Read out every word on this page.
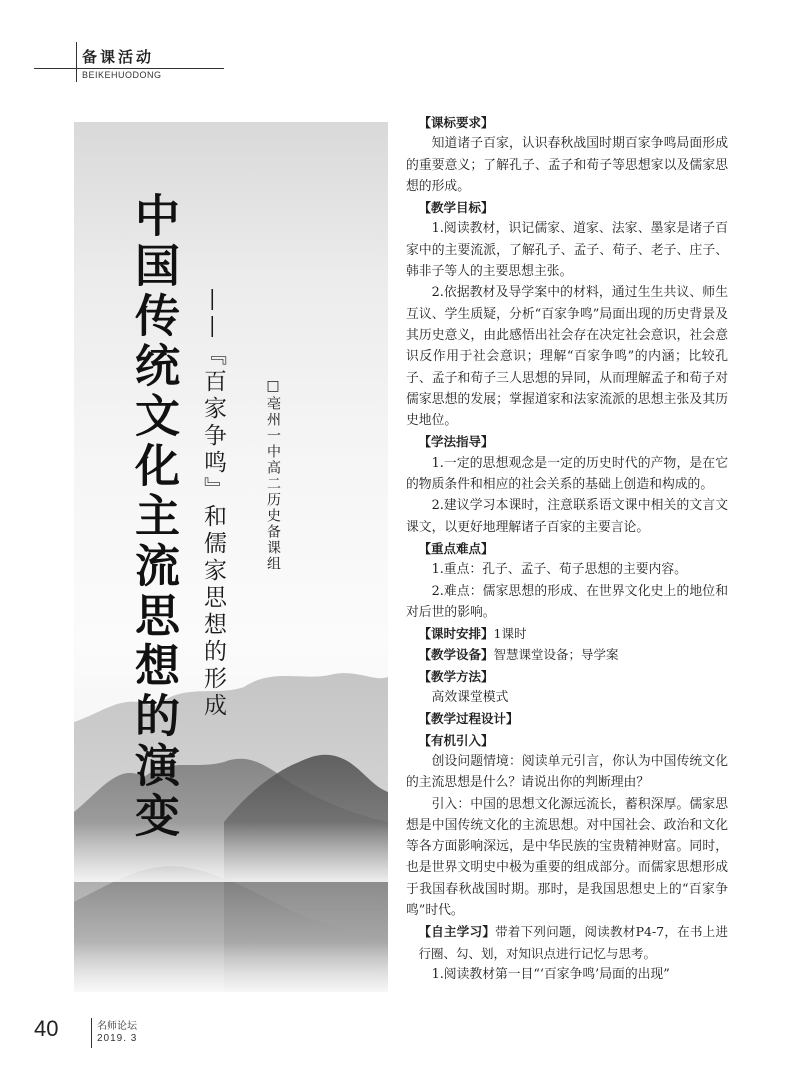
备课活动
BEIKEHUODONG
中国传统文化主流思想的演变 ——『百家争鸣』和儒家思想的形成	□亳州一中高二历史备课组

【课标要求】

知道诸子百家，认识春秋战国时期百家争鸣局面形成的重要意义；了解孔子、孟子和荀子等思想家以及儒家思想的形成。

【教学目标】

1.阅读教材，识记儒家、道家、法家、墨家是诸子百家中的主要流派，了解孔子、孟子、荀子、老子、庄子、韩非子等人的主要思想主张。

2.依据教材及导学案中的材料，通过生生共议、师生互议、学生质疑，分析“百家争鸣”局面出现的历史背景及其历史意义，由此感悟出社会存在决定社会意识，社会意识反作用于社会意识；理解“百家争鸣”的内涵；比较孔子、孟子和荀子三人思想的异同，从而理解孟子和荀子对儒家思想的发展；掌握道家和法家流派的思想主张及其历史地位。

【学法指导】

1.一定的思想观念是一定的历史时代的产物，是在它的物质条件和相应的社会关系的基础上创造和构成的。

2.建议学习本课时，注意联系语文课中相关的文言文课文，以更好地理解诸子百家的主要言论。

【重点难点】

1.重点：孔子、孟子、荀子思想的主要内容。

2.难点：儒家思想的形成、在世界文化史上的地位和对后世的影响。

【课时安排】1课时

【教学设备】智慧课堂设备；导学案

【教学方法】

高效课堂模式

【教学过程设计】

【有机引入】

创设问题情境：阅读单元引言，你认为中国传统文化的主流思想是什么？请说出你的判断理由？

引入：中国的思想文化源远流长，蓄积深厚。儒家思想是中国传统文化的主流思想。对中国社会、政治和文化等各方面影响深远，是中华民族的宝贵精神财富。同时，也是世界文明史中极为重要的组成部分。而儒家思想形成于我国春秋战国时期。那时，是我国思想史上的“百家争鸣”时代。

【自主学习】带着下列问题，阅读教材P4-7，在书上进行圈、勾、划，对知识点进行记忆与思考。

1.阅读教材第一目“‘百家争鸣’局面的出现”

40	名师论坛
2019. 3
